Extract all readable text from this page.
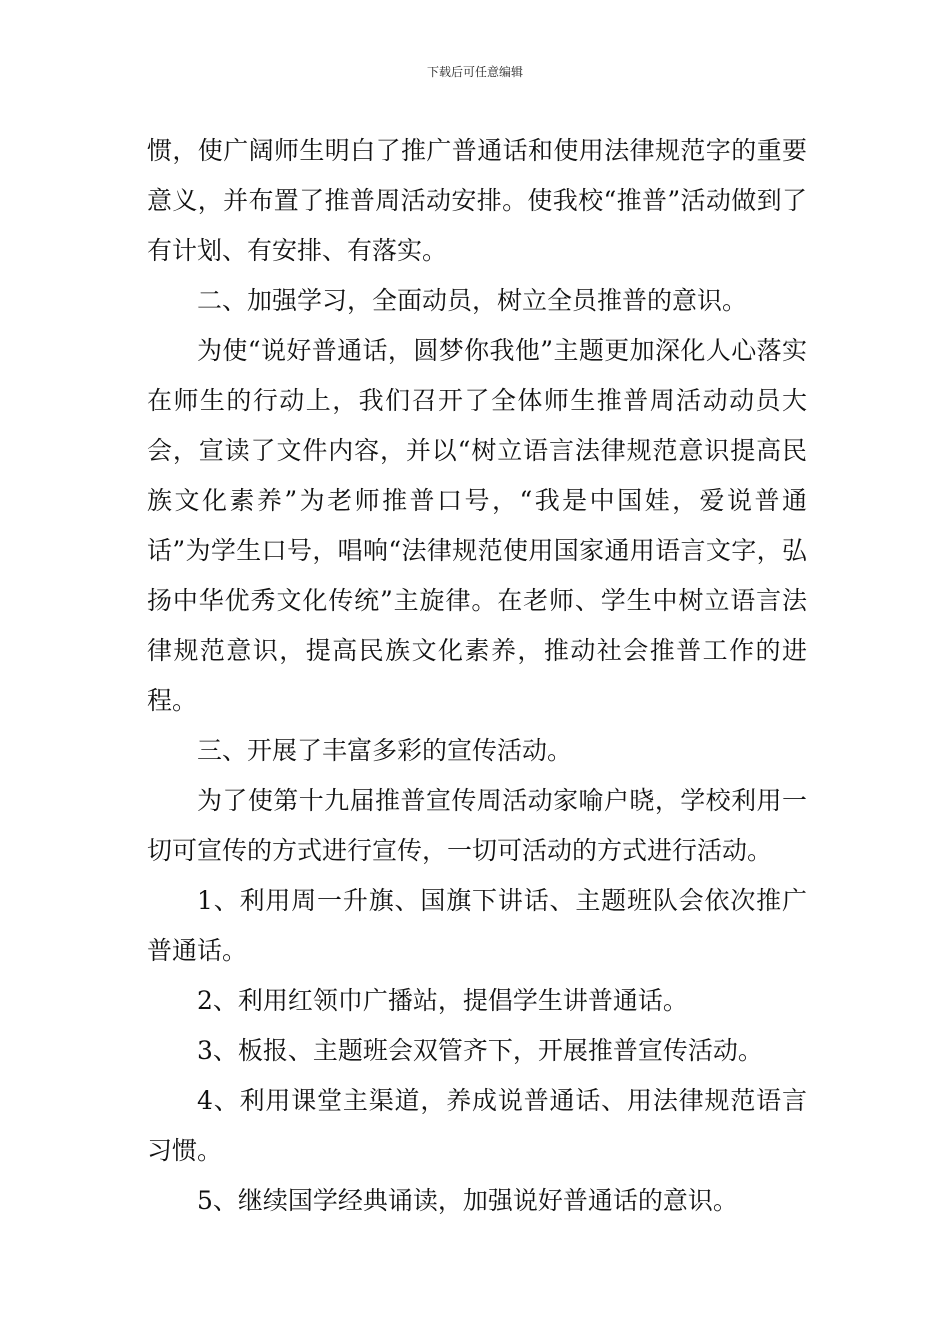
下载后可任意编辑

惯，使广阔师生明白了推广普通话和使用法律规范字的重要意义，并布置了推普周活动安排。使我校“推普”活动做到了有计划、有安排、有落实。

二、加强学习，全面动员，树立全员推普的意识。

为使“说好普通话，圆梦你我他”主题更加深化人心落实在师生的行动上，我们召开了全体师生推普周活动动员大会，宣读了文件内容，并以“树立语言法律规范意识提高民族文化素养”为老师推普口号，“我是中国娃，爱说普通话”为学生口号，唱响“法律规范使用国家通用语言文字，弘扬中华优秀文化传统”主旋律。在老师、学生中树立语言法律规范意识，提高民族文化素养，推动社会推普工作的进程。

三、开展了丰富多彩的宣传活动。

为了使第十九届推普宣传周活动家喻户晓，学校利用一切可宣传的方式进行宣传，一切可活动的方式进行活动。

1、利用周一升旗、国旗下讲话、主题班队会依次推广普通话。

2、利用红领巾广播站，提倡学生讲普通话。

3、板报、主题班会双管齐下，开展推普宣传活动。

4、利用课堂主渠道，养成说普通话、用法律规范语言习惯。

5、继续国学经典诵读，加强说好普通话的意识。
